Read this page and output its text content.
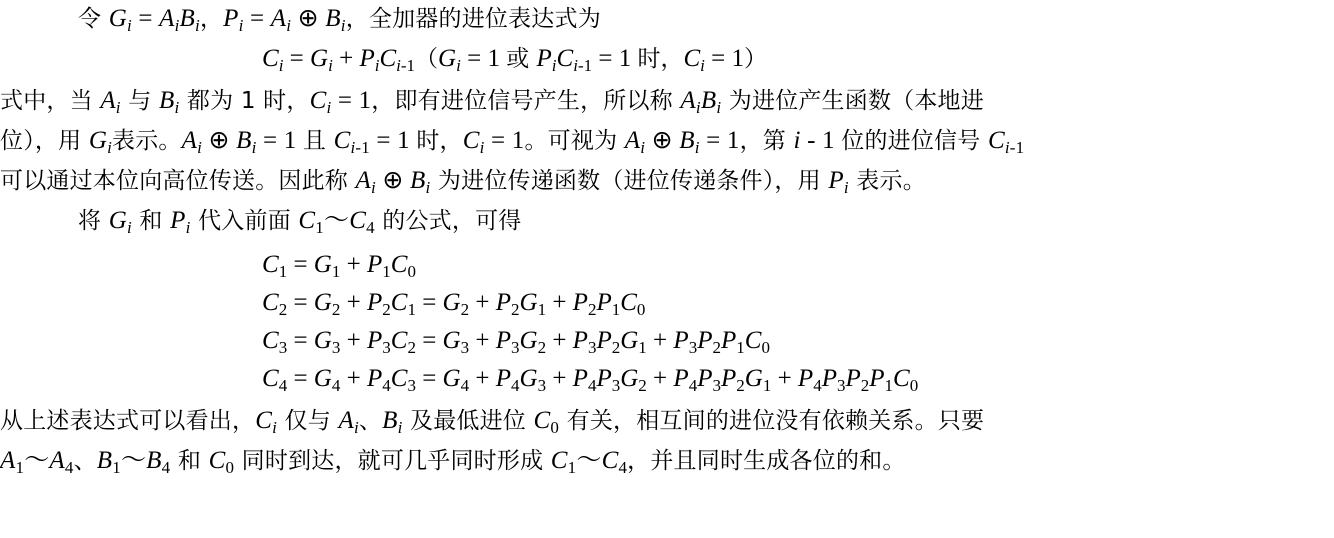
令 $G_i = A_iB_i$，$P_i = A_i$ ⊕ $B_i$，全加器的进位表达式为
$C_i = G_i + P_iC_{i-1}(G_i = 1$ 或 $P_iC_{i-1} = 1$ 时，$C_i = 1$）
式中，当 $A_i$ 与 $B_i$ 都为 1 时，$C_i = 1$，即有进位信号产生，所以称 $A_iB_i$ 为进位产生函数（本地进
位），用 $G_i$表示。$A_i$ ⊕ $B_i = 1$ 且 $C_{i-1} = 1$ 时，$C_i = 1$。可视为 $A_i$ ⊕ $B_i = 1$，第 i - 1 位的进位信号 $C_{i-1}$
可以通过本位向高位传送。因此称 $A_i$ ⊕ $B_i$ 为进位传递函数（进位传递条件），用 $P_i$ 表示。
将 $G_i$ 和 $P_i$ 代入前面 $C_1\sim C_4$ 的公式，可得
$C_1 = G_1 + P_1C_0$
$C_2 = G_2 + P_2C_1 = G_2 + P_2G_1 + P_2P_1C_0$
$C_3 = G_3 + P_3C_2 = G_3 + P_3G_2 + P_3P_2G_1 + P_3P_2P_1C_0$
$C_4 = G_4 + P_4C_3 = G_4 + P_4G_3 + P_4P_3G_2 + P_4P_3P_2G_1 + P_4P_3P_2P_1C_0$
从上述表达式可以看出，$C_i$ 仅与 $A_i$、$B_i$ 及最低进位 $C_0$ 有关，相互间的进位没有依赖关系。只要
$A_1\sim A_4$、$B_1\sim B_4$ 和 $C_0$ 同时到达，就可几乎同时形成 $C_1\sim C_4$，并且同时生成各位的和。
